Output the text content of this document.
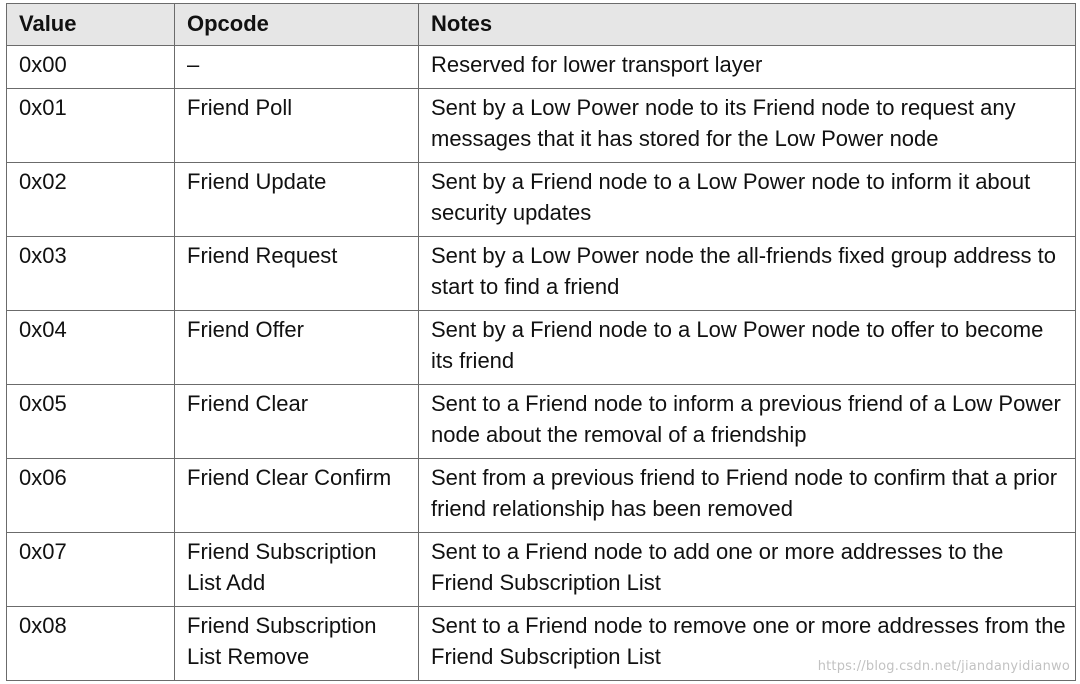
Value	Opcode	Notes
0x00	–	Reserved for lower transport layer
0x01	Friend Poll	Sent by a Low Power node to its Friend node to request any messages that it has stored for the Low Power node
0x02	Friend Update	Sent by a Friend node to a Low Power node to inform it about security updates
0x03	Friend Request	Sent by a Low Power node the all-friends fixed group address to start to find a friend
0x04	Friend Offer	Sent by a Friend node to a Low Power node to offer to become its friend
0x05	Friend Clear	Sent to a Friend node to inform a previous friend of a Low Power node about the removal of a friendship
0x06	Friend Clear Confirm	Sent from a previous friend to Friend node to confirm that a prior friend relationship has been removed
0x07	Friend Subscription List Add	Sent to a Friend node to add one or more addresses to the Friend Subscription List
0x08	Friend Subscription List Remove	Sent to a Friend node to remove one or more addresses from the Friend Subscription List	https://blog.csdn.net/jiandanyidianwo
